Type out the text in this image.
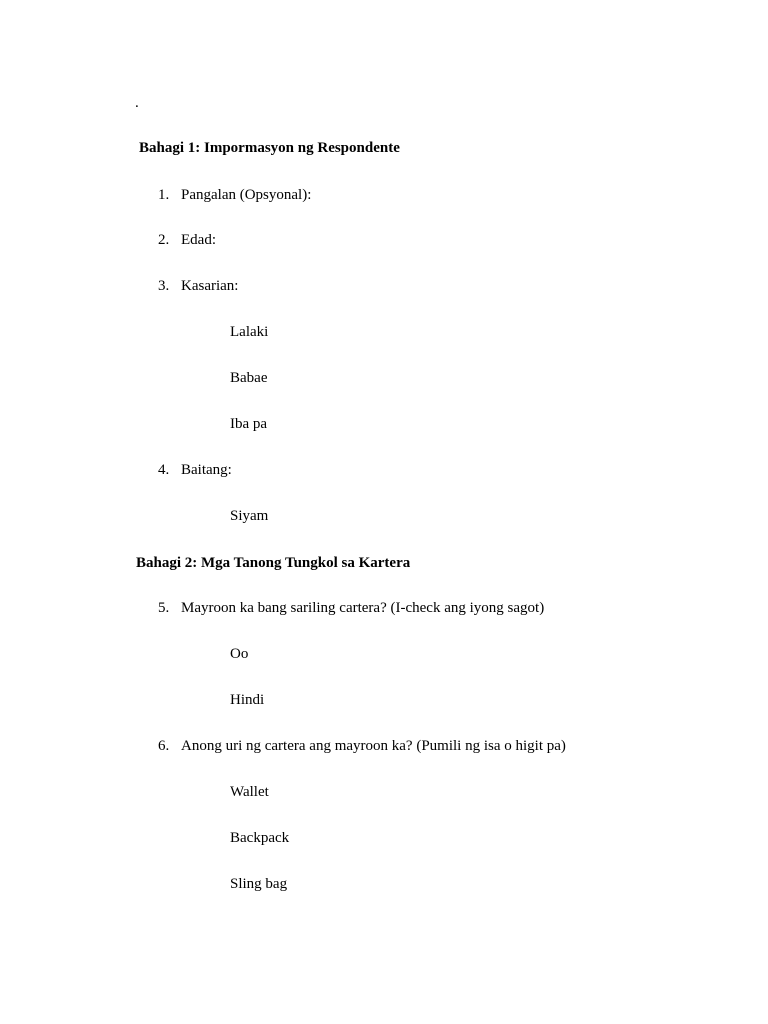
.
Bahagi 1: Impormasyon ng Respondente
1. Pangalan (Opsyonal):
2. Edad:
3. Kasarian:
Lalaki
Babae
Iba pa
4. Baitang:
Siyam
Bahagi 2: Mga Tanong Tungkol sa Kartera
5. Mayroon ka bang sariling cartera? (I-check ang iyong sagot)
Oo
Hindi
6. Anong uri ng cartera ang mayroon ka? (Pumili ng isa o higit pa)
Wallet
Backpack
Sling bag
